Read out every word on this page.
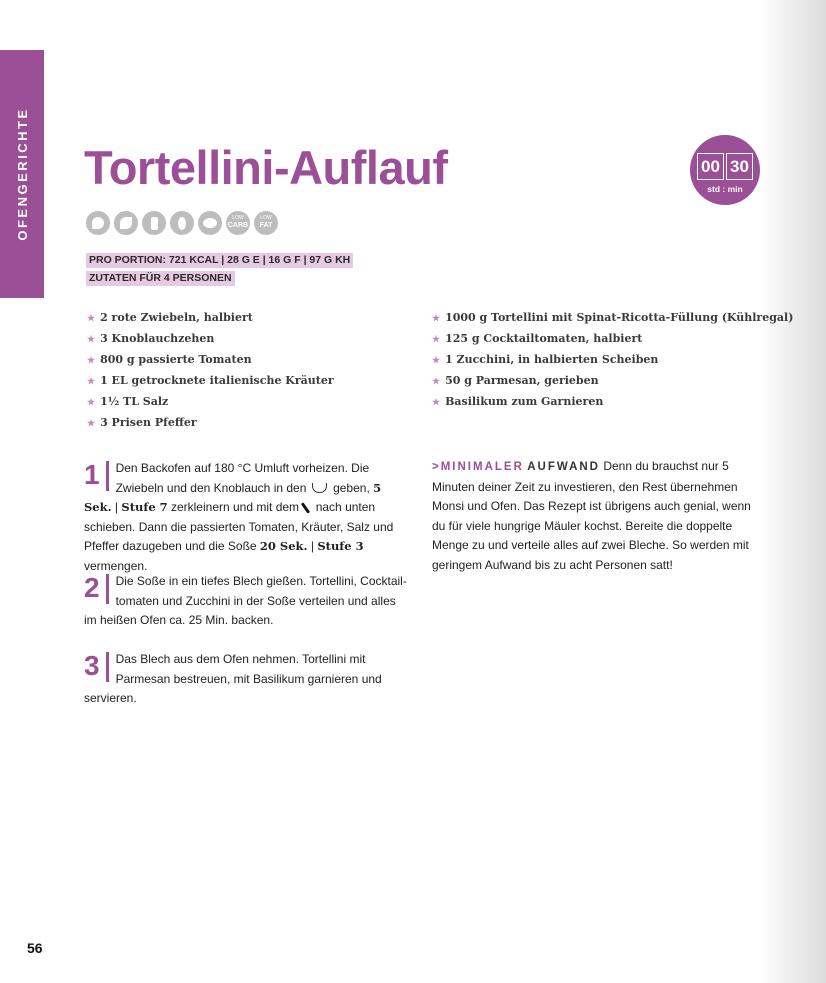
OFENGERICHTE	Tortellini-Auflauf	00 30
std : min
LOW
CARB
LOW
FAT
PRO PORTION: 721 KCAL | 28 G E | 16 G F | 97 G KH
ZUTATEN FÜR 4 PERSONEN
★ 2 rote Zwiebeln, halbiert
★ 3 Knoblauchzehen
★ 800 g passierte Tomaten
★ 1 EL getrocknete italienische Kräuter
★ 1½ TL Salz
★ 3 Prisen Pfeffer
★ 1000 g Tortellini mit Spinat-Ricotta-Füllung (Kühlregal)
★ 125 g Cocktailtomaten, halbiert
★ 1 Zucchini, in halbierten Scheiben
★ 50 g Parmesan, gerieben
★ Basilikum zum Garnieren
1 Den Backofen auf 180 °C Umluft vorheizen. Die Zwiebeln und den Knoblauch in den  geben, 5 Sek. | Stufe 7 zerkleinern und mit dem  nach unten schieben. Dann die passierten Tomaten, Kräuter, Salz und Pfeffer dazugeben und die Soße 20 Sek. | Stufe 3 vermengen.
2 Die Soße in ein tiefes Blech gießen. Tortellini, Cocktail-tomaten und Zucchini in der Soße verteilen und alles im heißen Ofen ca. 25 Min. backen.
3 Das Blech aus dem Ofen nehmen. Tortellini mit Parmesan bestreuen, mit Basilikum garnieren und servieren.
>MINIMALER AUFWAND Denn du brauchst nur 5 Minuten deiner Zeit zu investieren, den Rest übernehmen Monsi und Ofen. Das Rezept ist übrigens auch genial, wenn du für viele hungrige Mäuler kochst. Bereite die doppelte Menge zu und verteile alles auf zwei Bleche. So werden mit geringem Aufwand bis zu acht Personen satt!
56
